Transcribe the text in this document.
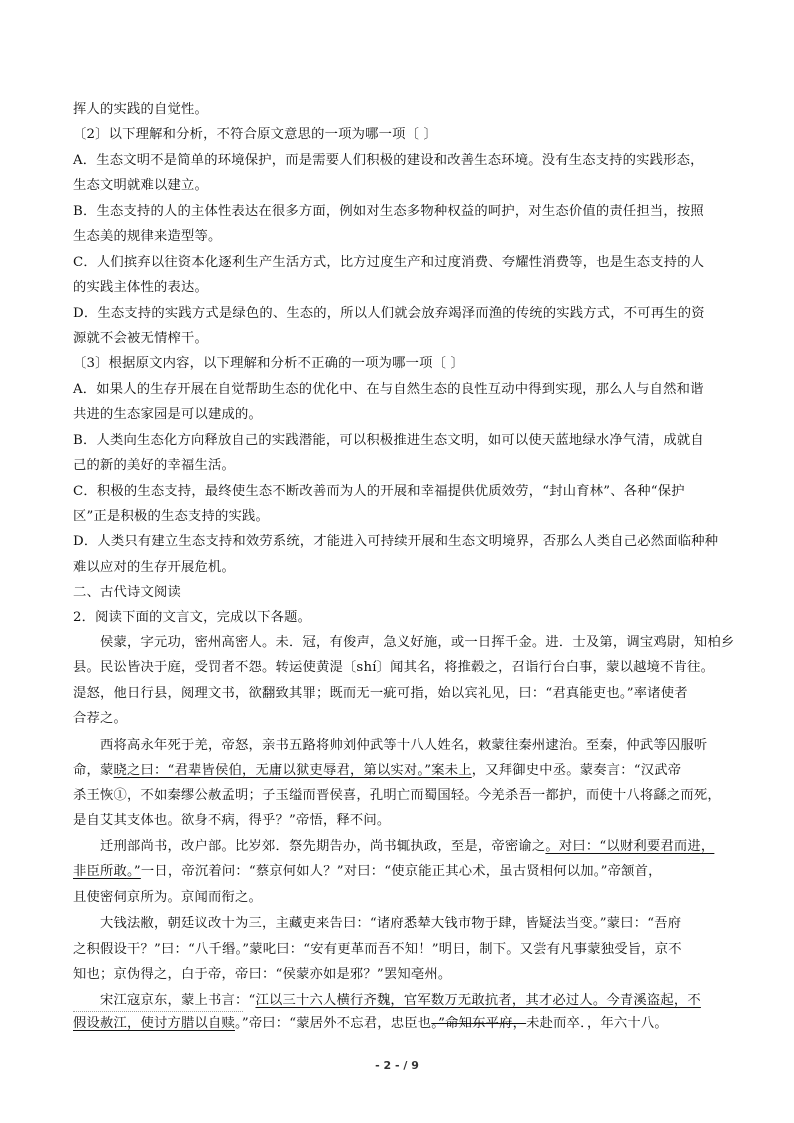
挥人的实践的自觉性。
〔2〕以下理解和分析，不符合原文意思的一项为哪一项〔 〕
A．生态文明不是简单的环境保护，而是需要人们积极的建设和改善生态环境。没有生态支持的实践形态，
生态文明就难以建立。
B．生态支持的人的主体性表达在很多方面，例如对生态多物种权益的呵护，对生态价值的责任担当，按照
生态美的规律来造型等。
C．人们摈弃以往资本化逐利生产生活方式，比方过度生产和过度消费、夸耀性消费等，也是生态支持的人
的实践主体性的表达。
D．生态支持的实践方式是绿色的、生态的，所以人们就会放弃竭泽而渔的传统的实践方式，不可再生的资
源就不会被无情榨干。
〔3〕根据原文内容，以下理解和分析不正确的一项为哪一项〔 〕
A．如果人的生存开展在自觉帮助生态的优化中、在与自然生态的良性互动中得到实现，那么人与自然和谐
共进的生态家园是可以建成的。
B．人类向生态化方向释放自己的实践潜能，可以积极推进生态文明，如可以使天蓝地绿水净气清，成就自
己的新的美好的幸福生活。
C．积极的生态支持，最终使生态不断改善而为人的开展和幸福提供优质效劳，“封山育林”、各种“保护
区”正是积极的生态支持的实践。
D．人类只有建立生态支持和效劳系统，才能进入可持续开展和生态文明境界，否那么人类自己必然面临种种
难以应对的生存开展危机。
二、古代诗文阅读
2．阅读下面的文言文，完成以下各题。
侯蒙，字元功，密州高密人。未．冠，有俊声，急义好施，或一日挥千金。进．士及第，调宝鸡尉，知柏乡
县。民讼皆决于庭，受罚者不怨。转运使黄湜〔shí〕闻其名，将推毂之，召诣行台白事，蒙以越境不肯往。
湜怒，他日行县，阅理文书，欲翻致其罪；既而无一疵可指，始以宾礼见，曰：“君真能吏也。”率诸使者
合荐之。
西将高永年死于羌，帝怒，亲书五路将帅刘仲武等十八人姓名，敕蒙往秦州逮治。至秦，仲武等囚服听
命，蒙晓之曰：“君辈皆侯伯，无庸以狱吏辱君，第以实对。”案未上，又拜御史中丞。蒙奏言：“汉武帝
杀王恢①，不如秦缪公赦孟明；子玉缢而晋侯喜，孔明亡而蜀国轻。今羌杀吾一都护，而使十八将繇之而死，
是自艾其支体也。欲身不病，得乎？”帝悟，释不问。
迁刑部尚书，改户部。比岁郊．祭先期告办，尚书辄执政，至是，帝密谕之。对曰：“以财利要君而进，
非臣所敢。”一日，帝沉着问：“蔡京何如人？”对曰：“使京能正其心术，虽古贤相何以加。”帝颔首，
且使密伺京所为。京闻而衔之。
大钱法敝，朝廷议改十为三，主藏吏来告曰：“诸府悉辇大钱市物于肆，皆疑法当变。”蒙曰：“吾府
之积假设干？”曰：“八千缗。”蒙叱曰：“安有更革而吾不知！”明日，制下。又尝有凡事蒙独受旨，京不
知也；京伪得之，白于帝，帝曰：“侯蒙亦如是邪？”罢知亳州。
宋江寇京东，蒙上书言：“江以三十六人横行齐魏，官军数万无敢抗者，其才必过人。今青溪盗起，不
假设赦江，使讨方腊以自赎。”帝曰：“蒙居外不忘君，忠臣也。”命知东平府，未赴而卒．，年六十八。
- 2 - / 9
